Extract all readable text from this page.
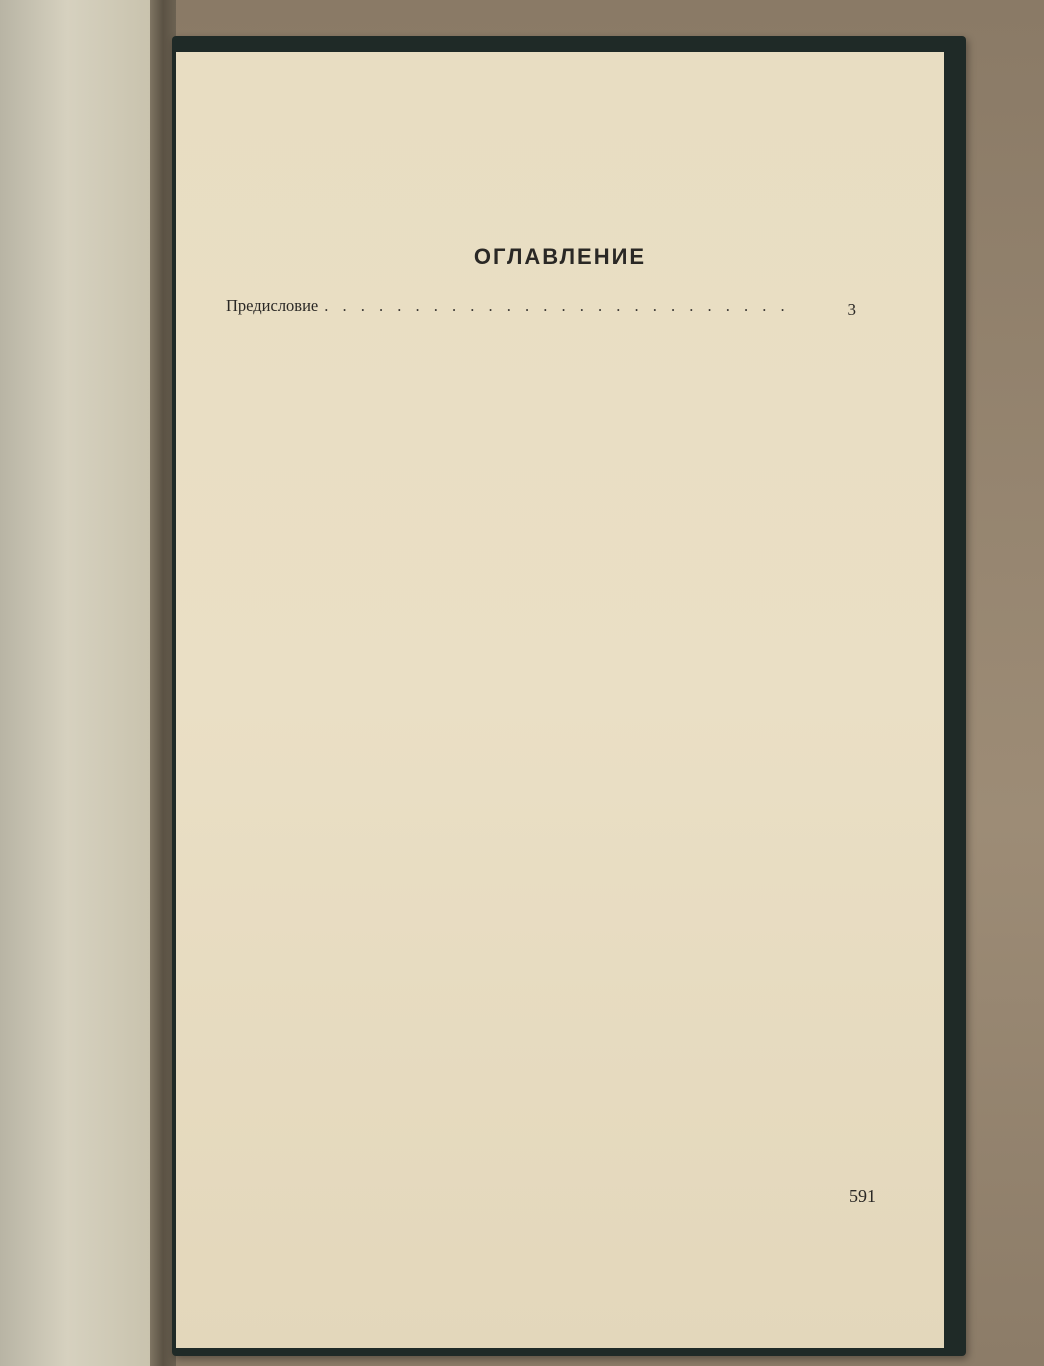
ОГЛАВЛЕНИЕ
Предисловие
. . .	3
591
